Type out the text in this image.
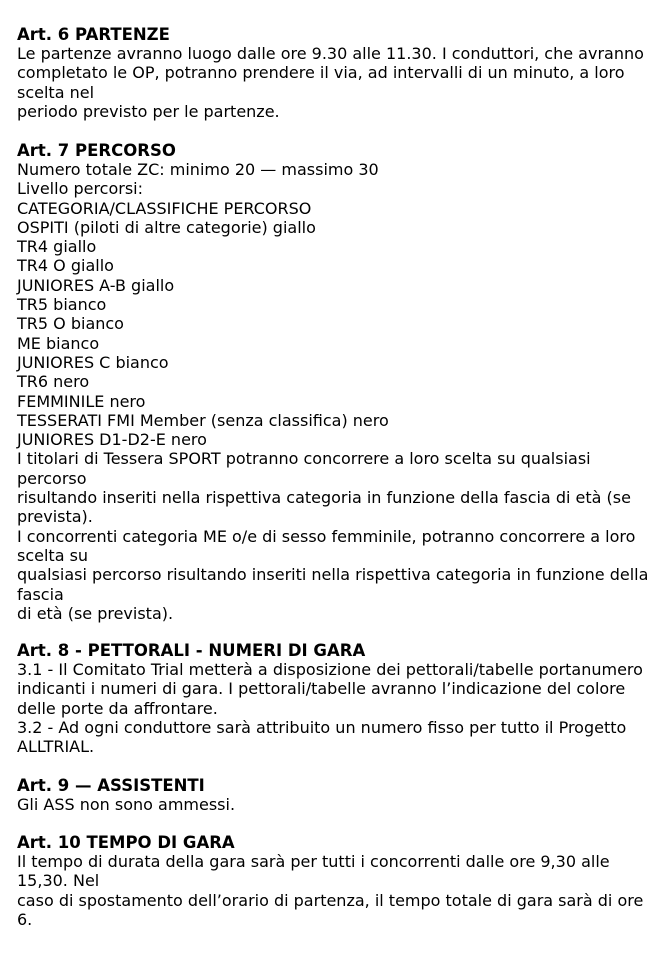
Art. 6 PARTENZE
Le partenze avranno luogo dalle ore 9.30 alle 11.30. I conduttori, che avranno
completato le OP, potranno prendere il via, ad intervalli di un minuto, a loro
scelta nel
periodo previsto per le partenze.
Art. 7 PERCORSO
Numero totale ZC: minimo 20 — massimo 30
Livello percorsi:
CATEGORIA/CLASSIFICHE PERCORSO
OSPITI (piloti di altre categorie) giallo
TR4 giallo
TR4 O giallo
JUNIORES A-B giallo
TR5 bianco
TR5 O bianco
ME bianco
JUNIORES C bianco
TR6 nero
FEMMINILE nero
TESSERATI FMI Member (senza classifica) nero
JUNIORES D1-D2-E nero
I titolari di Tessera SPORT potranno concorrere a loro scelta su qualsiasi
percorso
risultando inseriti nella rispettiva categoria in funzione della fascia di età (se
prevista).
I concorrenti categoria ME o/e di sesso femminile, potranno concorrere a loro
scelta su
qualsiasi percorso risultando inseriti nella rispettiva categoria in funzione della
fascia
di età (se prevista).
Art. 8 - PETTORALI - NUMERI DI GARA
3.1 - Il Comitato Trial metterà a disposizione dei pettorali/tabelle portanumero
indicanti i numeri di gara. I pettorali/tabelle avranno l’indicazione del colore
delle porte da affrontare.
3.2 - Ad ogni conduttore sarà attribuito un numero fisso per tutto il Progetto
ALLTRIAL.
Art. 9 — ASSISTENTI
Gli ASS non sono ammessi.
Art. 10 TEMPO DI GARA
Il tempo di durata della gara sarà per tutti i concorrenti dalle ore 9,30 alle
15,30. Nel
caso di spostamento dell’orario di partenza, il tempo totale di gara sarà di ore
6.
